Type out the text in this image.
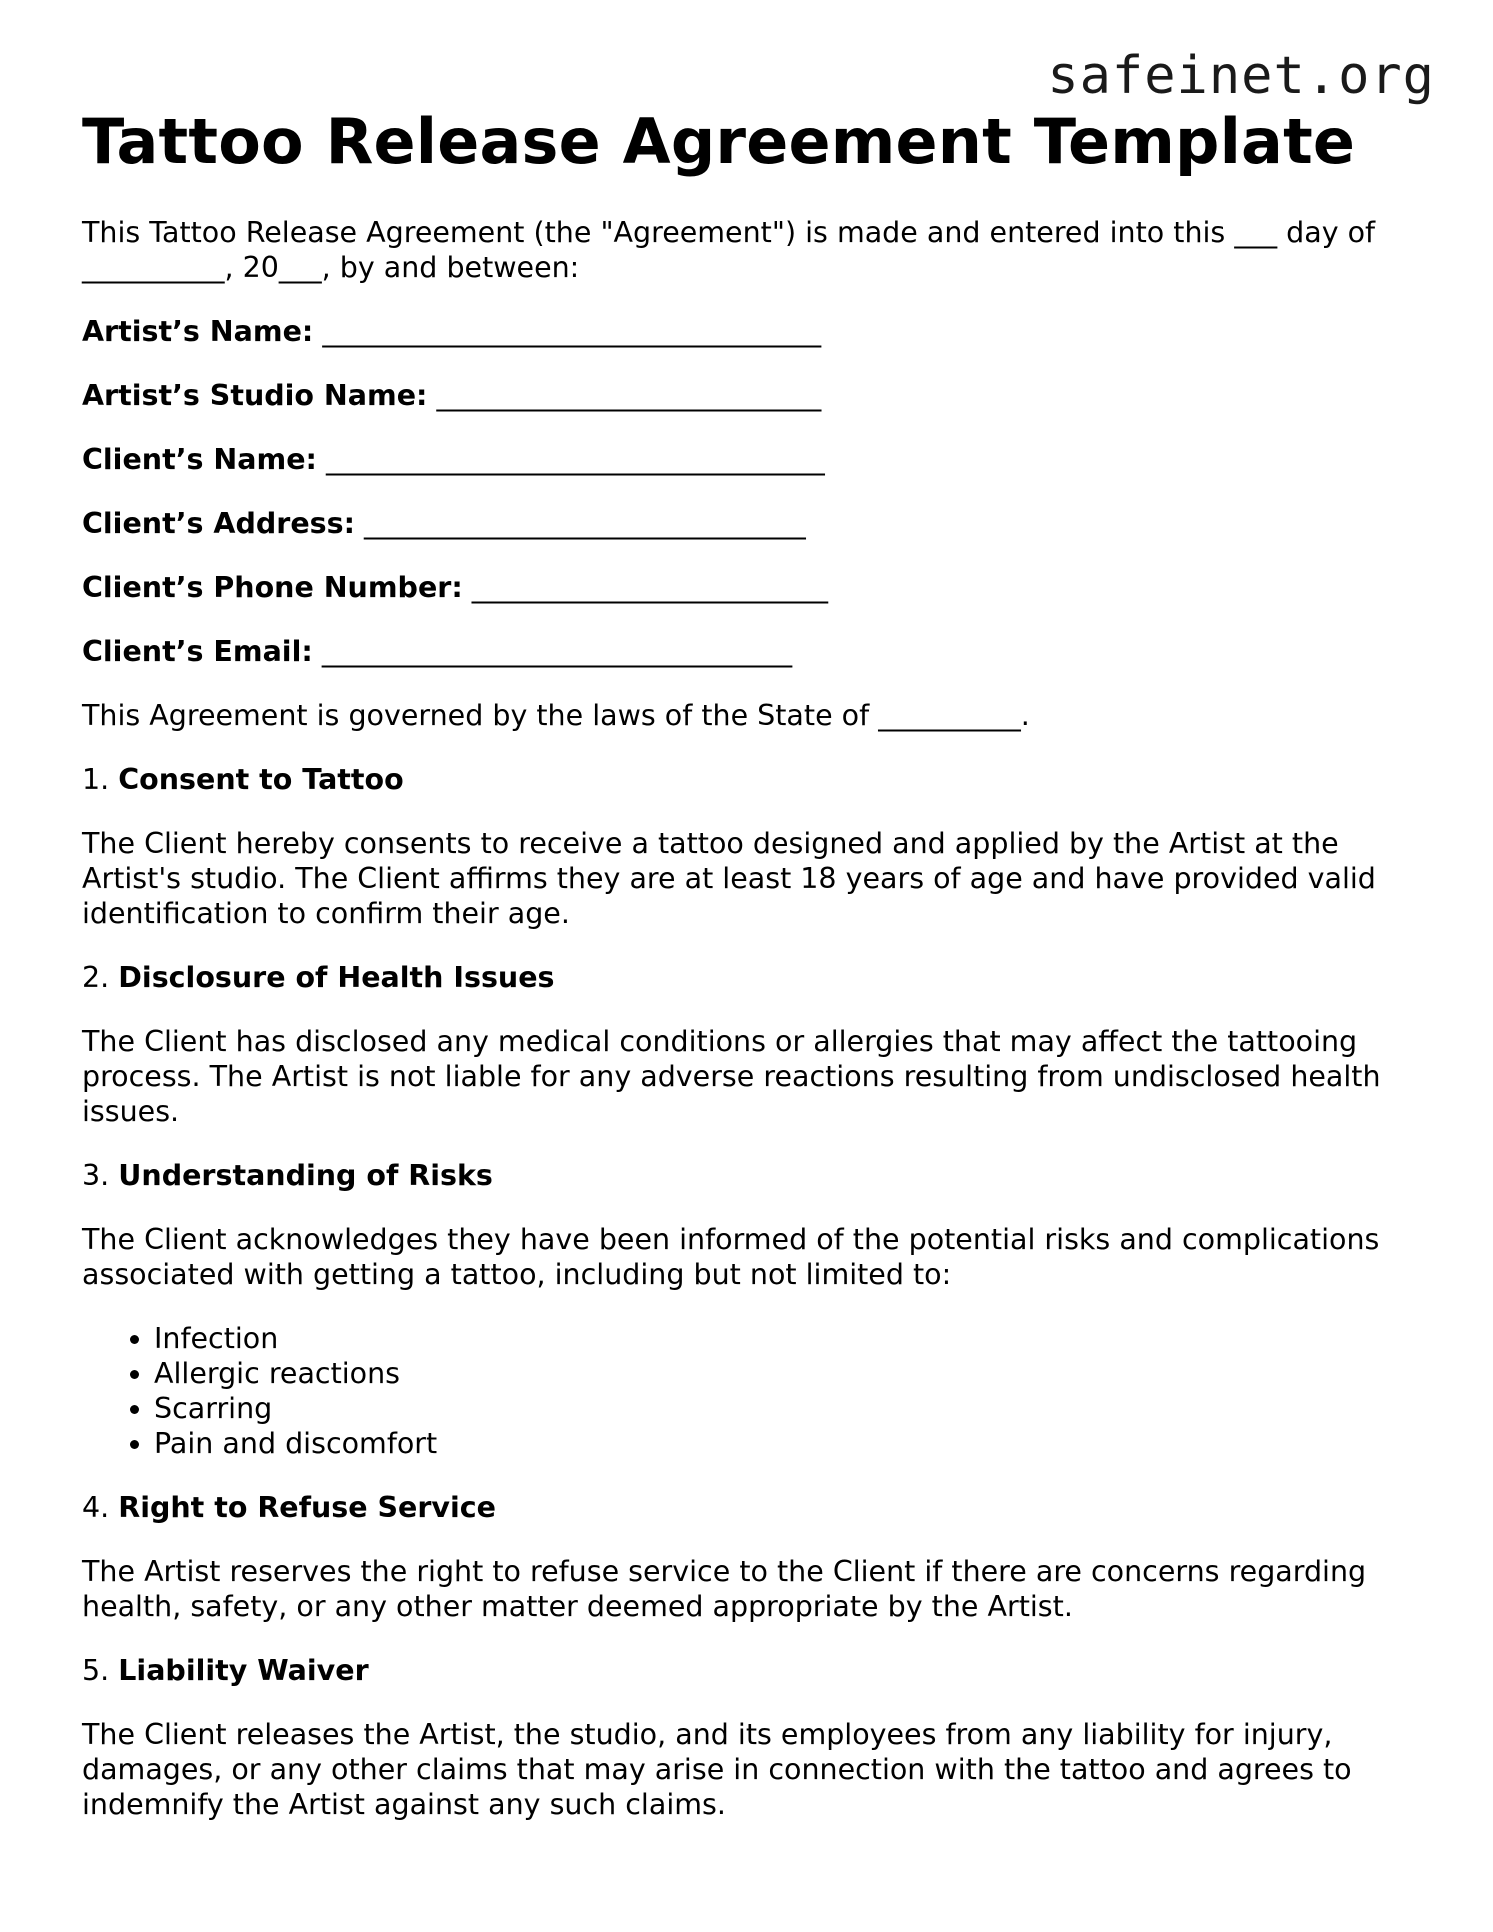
safeinet.org
Tattoo Release Agreement Template

This Tattoo Release Agreement (the "Agreement") is made and entered into this ___ day of __________, 20___, by and between:

Artist’s Name: ___________________________________
Artist’s Studio Name: ___________________________
Client’s Name: ___________________________________
Client’s Address: _______________________________
Client’s Phone Number: _________________________
Client’s Email: _________________________________

This Agreement is governed by the laws of the State of __________.

1. Consent to Tattoo

The Client hereby consents to receive a tattoo designed and applied by the Artist at the Artist's studio. The Client affirms they are at least 18 years of age and have provided valid identification to confirm their age.

2. Disclosure of Health Issues

The Client has disclosed any medical conditions or allergies that may affect the tattooing process. The Artist is not liable for any adverse reactions resulting from undisclosed health issues.

3. Understanding of Risks

The Client acknowledges they have been informed of the potential risks and complications associated with getting a tattoo, including but not limited to:

• Infection
• Allergic reactions
• Scarring
• Pain and discomfort
4. Right to Refuse Service

The Artist reserves the right to refuse service to the Client if there are concerns regarding health, safety, or any other matter deemed appropriate by the Artist.

5. Liability Waiver

The Client releases the Artist, the studio, and its employees from any liability for injury, damages, or any other claims that may arise in connection with the tattoo and agrees to indemnify the Artist against any such claims.
